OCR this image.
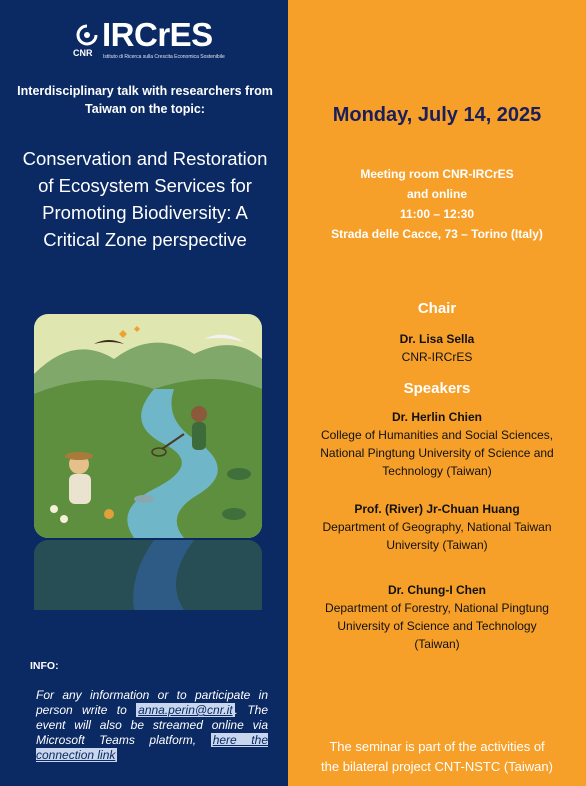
CNR IRCrES
Istituto di Ricerca sulla Crescita Economica Sostenibile
Interdisciplinary talk with researchers from Taiwan on the topic:
Conservation and Restoration of Ecosystem Services for Promoting Biodiversity: A Critical Zone perspective
INFO:
For any information or to participate in person write to anna.perin@cnr.it . The event will also be streamed online via Microsoft Teams platform, here the connection link
Monday, July 14, 2025
Meeting room CNR-IRCrES
and online
11:00 – 12:30
Strada delle Cacce, 73 – Torino (Italy)
Chair
Dr. Lisa Sella
CNR-IRCrES
Speakers
Dr. Herlin Chien
College of Humanities and Social Sciences,
National Pingtung University of Science and
Technology (Taiwan)
Prof. (River) Jr-Chuan Huang
Department of Geography, National Taiwan
University (Taiwan)
Dr. Chung-I Chen
Department of Forestry, National Pingtung
University of Science and Technology
(Taiwan)
The seminar is part of the activities of
the bilateral project CNT-NSTC (Taiwan)
